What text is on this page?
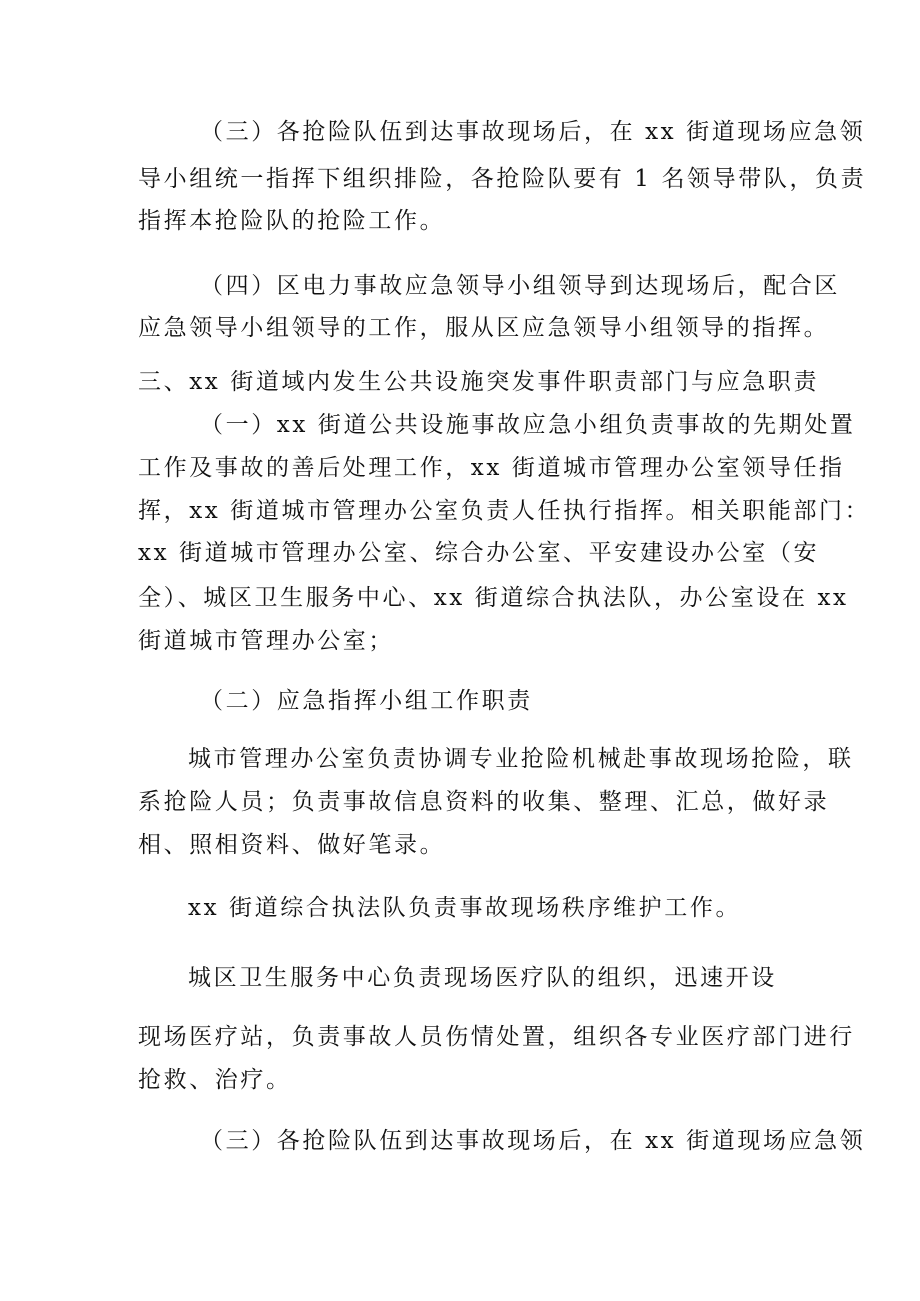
（三）各抢险队伍到达事故现场后，在 xx 街道现场应急领
导小组统一指挥下组织排险，各抢险队要有 1 名领导带队，负责
指挥本抢险队的抢险工作。
（四）区电力事故应急领导小组领导到达现场后，配合区
应急领导小组领导的工作，服从区应急领导小组领导的指挥。
三、xx 街道域内发生公共设施突发事件职责部门与应急职责
（一）xx 街道公共设施事故应急小组负责事故的先期处置
工作及事故的善后处理工作，xx 街道城市管理办公室领导任指
挥，xx 街道城市管理办公室负责人任执行指挥。相关职能部门：
xx 街道城市管理办公室、综合办公室、平安建设办公室（安
全）、城区卫生服务中心、xx 街道综合执法队，办公室设在 xx
街道城市管理办公室；
（二）应急指挥小组工作职责
城市管理办公室负责协调专业抢险机械赴事故现场抢险，联
系抢险人员；负责事故信息资料的收集、整理、汇总，做好录
相、照相资料、做好笔录。
xx 街道综合执法队负责事故现场秩序维护工作。
城区卫生服务中心负责现场医疗队的组织，迅速开设
现场医疗站，负责事故人员伤情处置，组织各专业医疗部门进行
抢救、治疗。
（三）各抢险队伍到达事故现场后，在 xx 街道现场应急领
